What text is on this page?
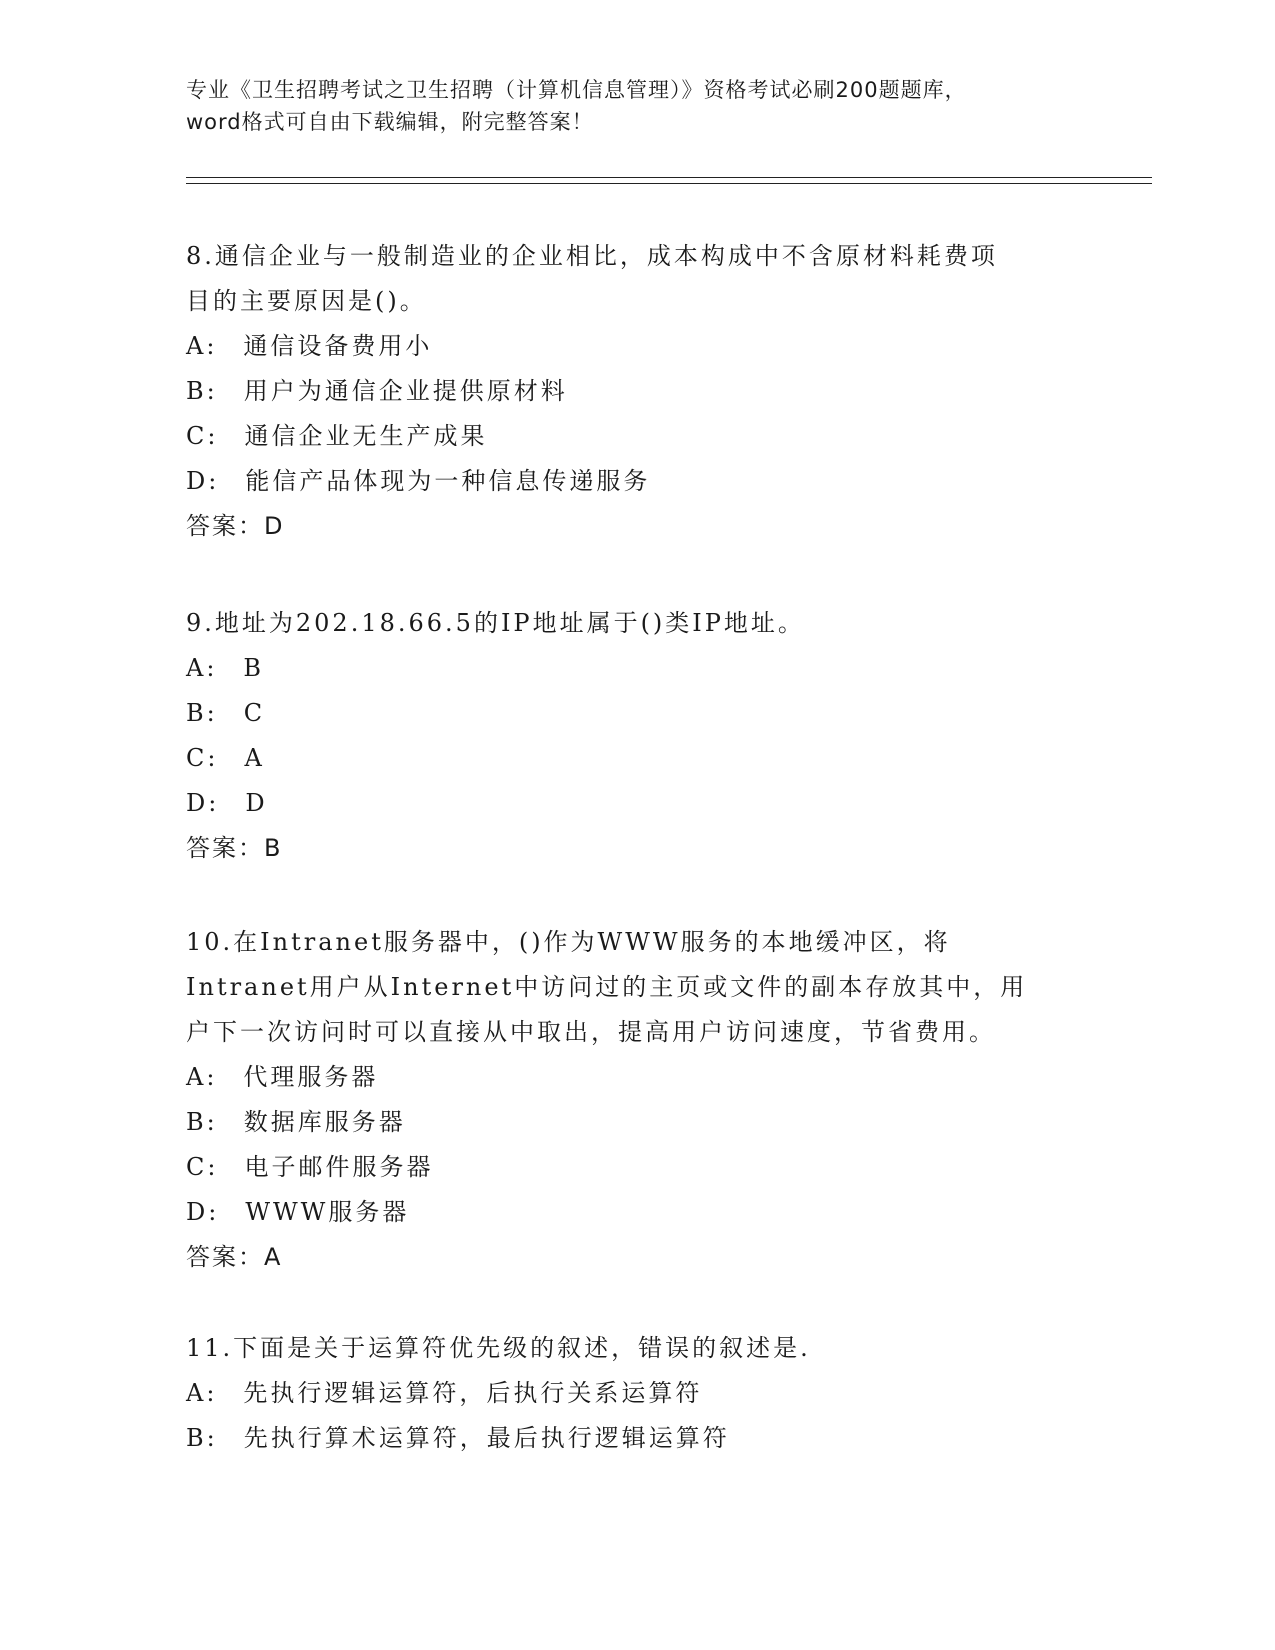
专业《卫生招聘考试之卫生招聘（计算机信息管理）》资格考试必刷200题题库，
word格式可自由下载编辑，附完整答案！

8.通信企业与一般制造业的企业相比，成本构成中不含原材料耗费项

目的主要原因是()。

A: 通信设备费用小

B: 用户为通信企业提供原材料

C: 通信企业无生产成果

D: 能信产品体现为一种信息传递服务

答案：D

9.地址为202.18.66.5的IP地址属于()类IP地址。

A: B

B: C

C: A

D: D

答案：B

10.在Intranet服务器中，()作为WWW服务的本地缓冲区，将

Intranet用户从Internet中访问过的主页或文件的副本存放其中，用

户下一次访问时可以直接从中取出，提高用户访问速度，节省费用。

A: 代理服务器

B: 数据库服务器

C: 电子邮件服务器

D: WWW服务器

答案：A

11.下面是关于运算符优先级的叙述，错误的叙述是.

A: 先执行逻辑运算符，后执行关系运算符

B: 先执行算术运算符，最后执行逻辑运算符
